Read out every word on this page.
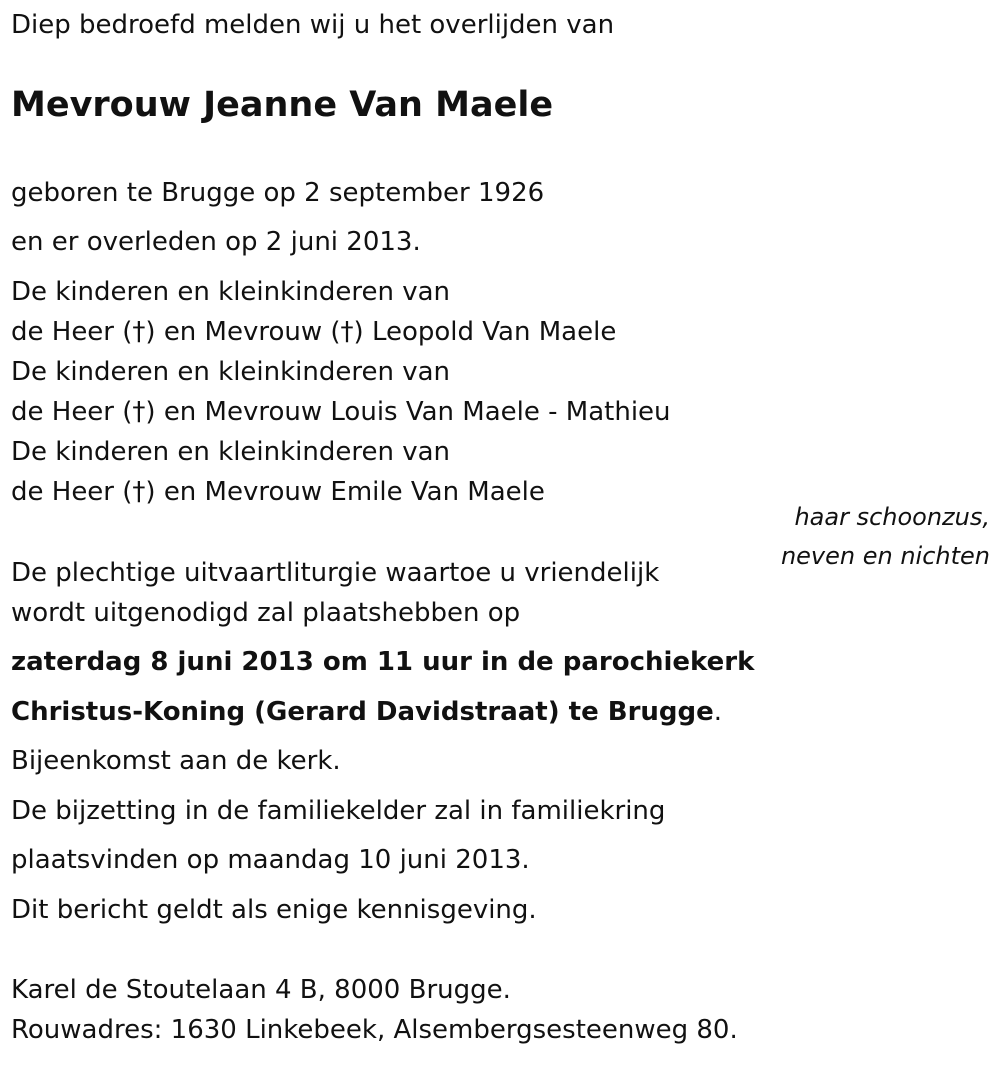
Diep bedroefd melden wij u het overlijden van
Mevrouw Jeanne Van Maele
geboren te Brugge op 2 september 1926
en er overleden op 2 juni 2013.
De kinderen en kleinkinderen van
de Heer (†) en Mevrouw (†) Leopold Van Maele
De kinderen en kleinkinderen van
de Heer (†) en Mevrouw Louis Van Maele - Mathieu
De kinderen en kleinkinderen van
de Heer (†) en Mevrouw Emile Van Maele
haar schoonzus,
neven en nichten
De plechtige uitvaartliturgie waartoe u vriendelijk
wordt uitgenodigd zal plaatshebben op
zaterdag 8 juni 2013 om 11 uur in de parochiekerk
Christus-Koning (Gerard Davidstraat) te Brugge.
Bijeenkomst aan de kerk.
De bijzetting in de familiekelder zal in familiekring
plaatsvinden op maandag 10 juni 2013.
Dit bericht geldt als enige kennisgeving.
Karel de Stoutelaan 4 B, 8000 Brugge.
Rouwadres: 1630 Linkebeek, Alsembergsesteenweg 80.
